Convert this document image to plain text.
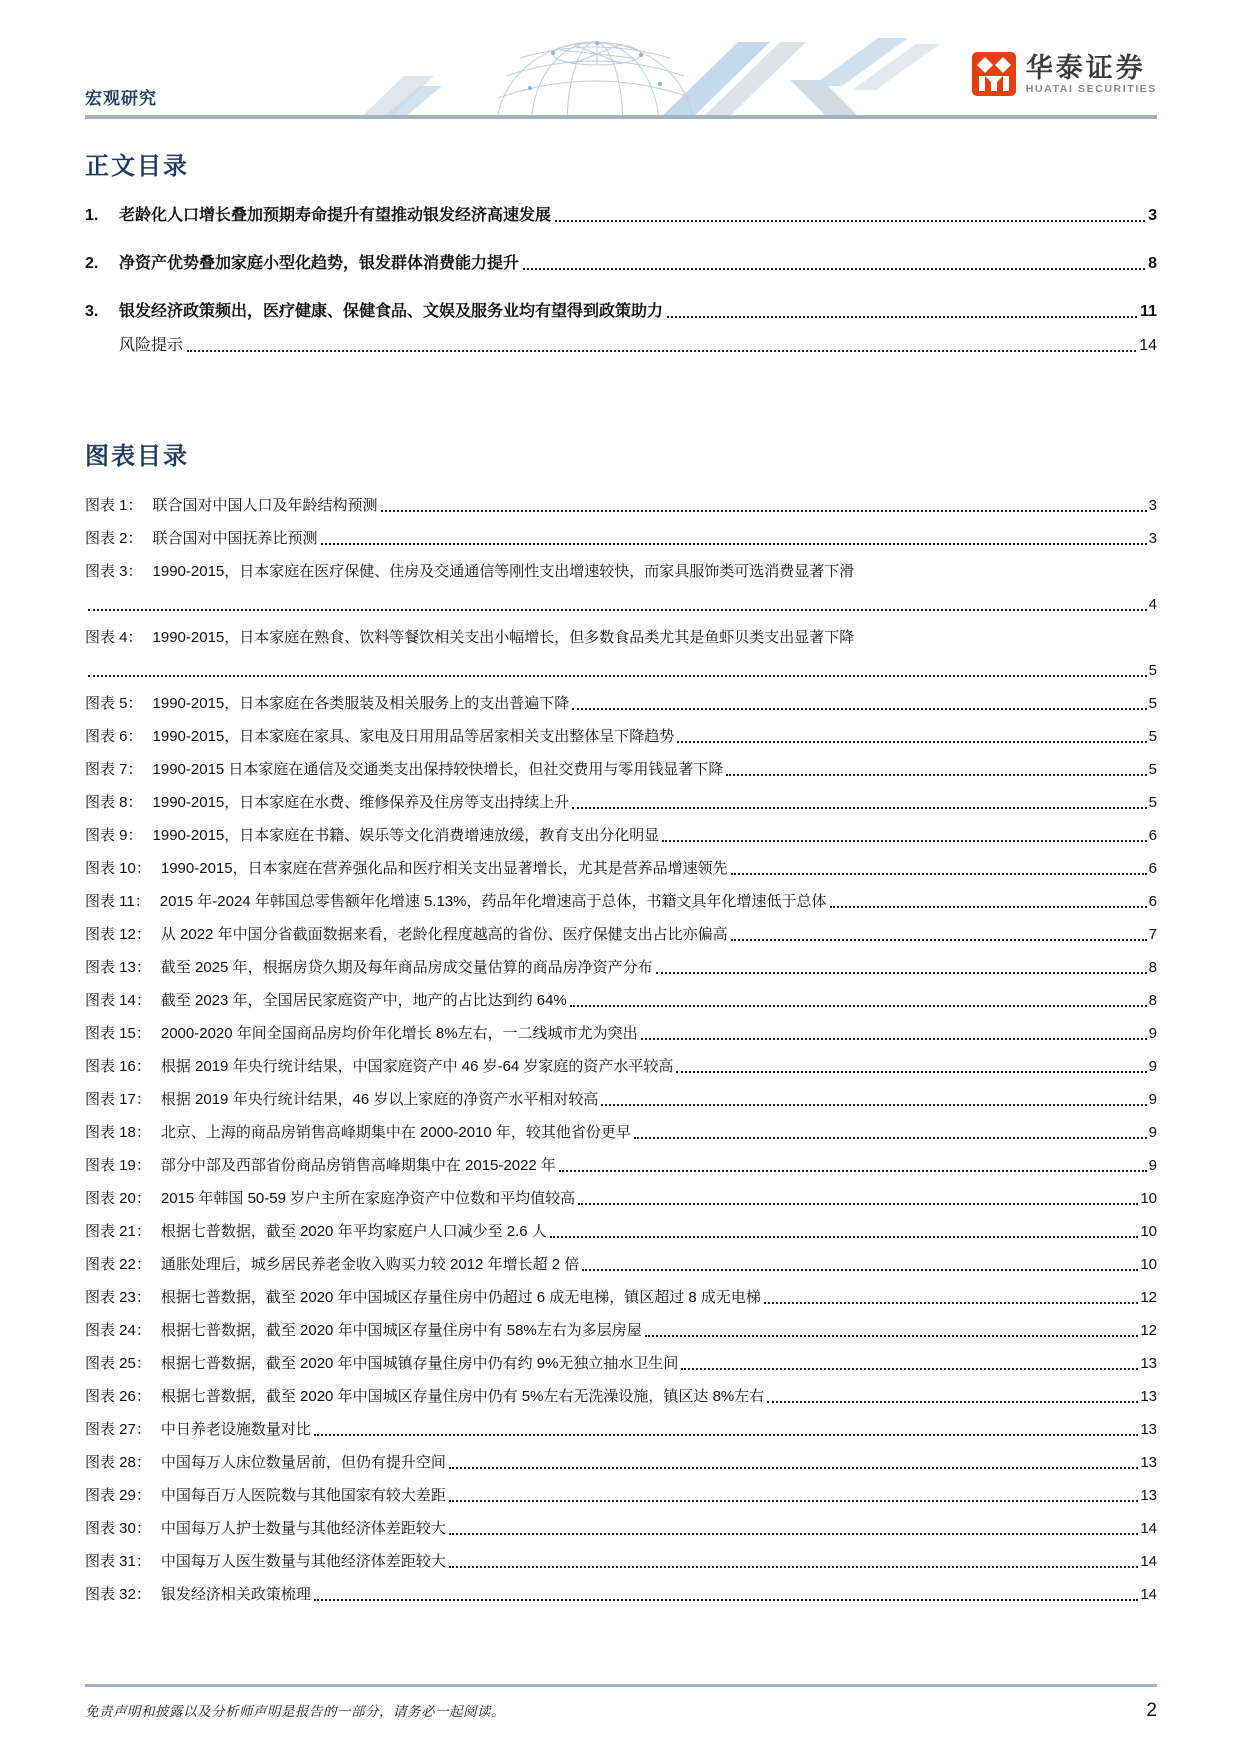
宏观研究
华泰证券
HUATAI SECURITIES
正文目录
1.	老龄化人口增长叠加预期寿命提升有望推动银发经济高速发展	3
2.	净资产优势叠加家庭小型化趋势，银发群体消费能力提升	8
3.	银发经济政策频出，医疗健康、保健食品、文娱及服务业均有望得到政策助力	11
风险提示	14
图表目录
图表 1： 联合国对中国人口及年龄结构预测	3
图表 2： 联合国对中国抚养比预测	3
图表 3： 1990-2015，日本家庭在医疗保健、住房及交通通信等刚性支出增速较快，而家具服饰类可选消费显著下滑
4
图表 4： 1990-2015，日本家庭在熟食、饮料等餐饮相关支出小幅增长，但多数食品类尤其是鱼虾贝类支出显著下降
5
图表 5： 1990-2015，日本家庭在各类服装及相关服务上的支出普遍下降	5
图表 6： 1990-2015，日本家庭在家具、家电及日用用品等居家相关支出整体呈下降趋势	5
图表 7： 1990-2015 日本家庭在通信及交通类支出保持较快增长，但社交费用与零用钱显著下降	5
图表 8： 1990-2015，日本家庭在水费、维修保养及住房等支出持续上升	5
图表 9： 1990-2015，日本家庭在书籍、娱乐等文化消费增速放缓，教育支出分化明显	6
图表 10： 1990-2015，日本家庭在营养强化品和医疗相关支出显著增长，尤其是营养品增速领先	6
图表 11： 2015 年-2024 年韩国总零售额年化增速 5.13%，药品年化增速高于总体，书籍文具年化增速低于总体	6
图表 12： 从 2022 年中国分省截面数据来看，老龄化程度越高的省份、医疗保健支出占比亦偏高	7
图表 13： 截至 2025 年，根据房贷久期及每年商品房成交量估算的商品房净资产分布	8
图表 14： 截至 2023 年，全国居民家庭资产中，地产的占比达到约 64%	8
图表 15： 2000-2020 年间全国商品房均价年化增长 8%左右，一二线城市尤为突出	9
图表 16： 根据 2019 年央行统计结果，中国家庭资产中 46 岁-64 岁家庭的资产水平较高	9
图表 17： 根据 2019 年央行统计结果，46 岁以上家庭的净资产水平相对较高	9
图表 18： 北京、上海的商品房销售高峰期集中在 2000-2010 年，较其他省份更早	9
图表 19： 部分中部及西部省份商品房销售高峰期集中在 2015-2022 年	9
图表 20： 2015 年韩国 50-59 岁户主所在家庭净资产中位数和平均值较高	10
图表 21： 根据七普数据，截至 2020 年平均家庭户人口减少至 2.6 人	10
图表 22： 通胀处理后，城乡居民养老金收入购买力较 2012 年增长超 2 倍	10
图表 23： 根据七普数据，截至 2020 年中国城区存量住房中仍超过 6 成无电梯，镇区超过 8 成无电梯	12
图表 24： 根据七普数据，截至 2020 年中国城区存量住房中有 58%左右为多层房屋	12
图表 25： 根据七普数据，截至 2020 年中国城镇存量住房中仍有约 9%无独立抽水卫生间	13
图表 26： 根据七普数据，截至 2020 年中国城区存量住房中仍有 5%左右无洗澡设施，镇区达 8%左右	13
图表 27： 中日养老设施数量对比	13
图表 28： 中国每万人床位数量居前，但仍有提升空间	13
图表 29： 中国每百万人医院数与其他国家有较大差距	13
图表 30： 中国每万人护士数量与其他经济体差距较大	14
图表 31： 中国每万人医生数量与其他经济体差距较大	14
图表 32： 银发经济相关政策梳理	14
免责声明和披露以及分析师声明是报告的一部分，请务必一起阅读。	2
